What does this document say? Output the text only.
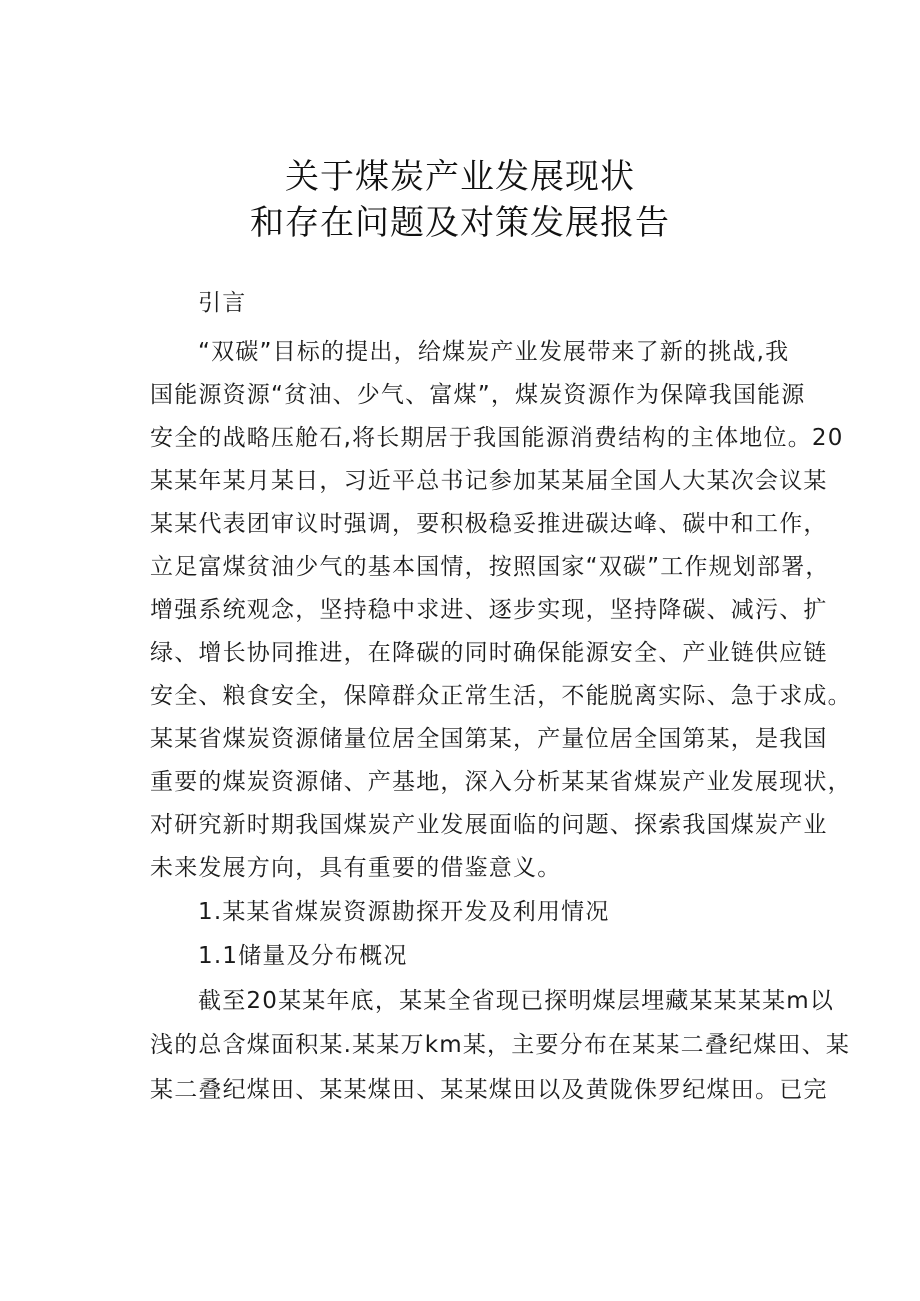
关于煤炭产业发展现状
和存在问题及对策发展报告
引言
“双碳”目标的提出，给煤炭产业发展带来了新的挑战,我
国能源资源“贫油、少气、富煤”，煤炭资源作为保障我国能源
安全的战略压舱石,将长期居于我国能源消费结构的主体地位。20
某某年某月某日，习近平总书记参加某某届全国人大某次会议某
某某代表团审议时强调，要积极稳妥推进碳达峰、碳中和工作，
立足富煤贫油少气的基本国情，按照国家“双碳”工作规划部署，
增强系统观念，坚持稳中求进、逐步实现，坚持降碳、减污、扩
绿、增长协同推进，在降碳的同时确保能源安全、产业链供应链
安全、粮食安全，保障群众正常生活，不能脱离实际、急于求成。
某某省煤炭资源储量位居全国第某，产量位居全国第某，是我国
重要的煤炭资源储、产基地，深入分析某某省煤炭产业发展现状，
对研究新时期我国煤炭产业发展面临的问题、探索我国煤炭产业
未来发展方向，具有重要的借鉴意义。
1.某某省煤炭资源勘探开发及利用情况
1.1储量及分布概况
截至20某某年底，某某全省现已探明煤层埋藏某某某某m以
浅的总含煤面积某.某某万km某，主要分布在某某二叠纪煤田、某
某二叠纪煤田、某某煤田、某某煤田以及黄陇侏罗纪煤田。已完
